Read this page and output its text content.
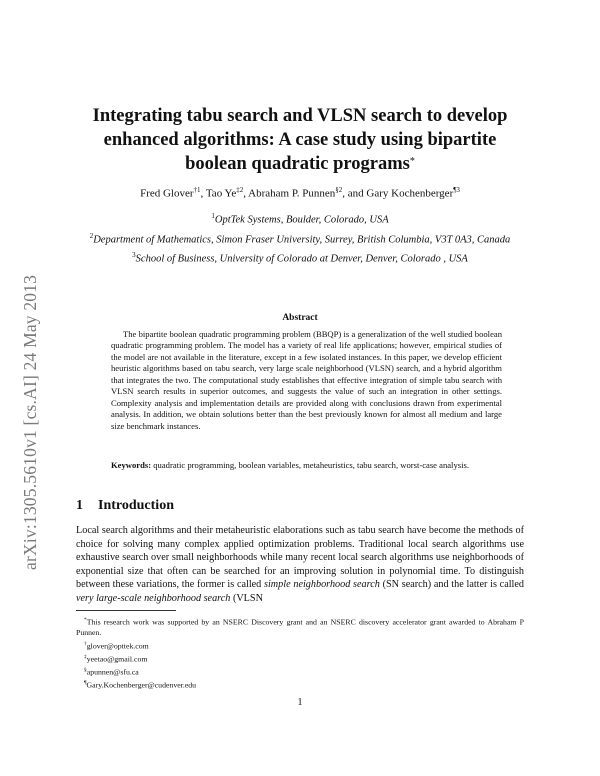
arXiv:1305.5610v1 [cs.AI] 24 May 2013
Integrating tabu search and VLSN search to develop
enhanced algorithms: A case study using bipartite
boolean quadratic programs*
Fred Glover$^{\dagger 1}$, Tao Ye$^{\ddagger 2}$, Abraham P. Punnen$^{\S 2}$, and Gary Kochenberger$^{\P 3}$
$^1$OptTek Systems, Boulder, Colorado, USA
$^2$Department of Mathematics, Simon Fraser University, Surrey, British Columbia, V3T 0A3, Canada
$^3$School of Business, University of Colorado at Denver, Denver, Colorado , USA
Abstract

The bipartite boolean quadratic programming problem (BBQP) is a generalization of the well studied boolean quadratic programming problem. The model has a variety of real life applications; however, empirical studies of the model are not available in the literature, except in a few isolated instances. In this paper, we develop efficient heuristic algorithms based on tabu search, very large scale neighborhood (VLSN) search, and a hybrid algorithm that integrates the two. The computational study establishes that effective integration of simple tabu search with VLSN search results in superior outcomes, and suggests the value of such an integration in other settings. Complexity analysis and implementation details are provided along with conclusions drawn from experimental analysis. In addition, we obtain solutions better than the best previously known for almost all medium and large size benchmark instances.

Keywords: quadratic programming, boolean variables, metaheuristics, tabu search, worst-case analysis.

1 Introduction

Local search algorithms and their metaheuristic elaborations such as tabu search have become the methods of choice for solving many complex applied optimization problems. Traditional local search algorithms use exhaustive search over small neighborhoods while many recent local search algorithms use neighborhoods of exponential size that often can be searched for an improving solution in polynomial time. To distinguish between these variations, the former is called simple neighborhood search (SN search) and the latter is called very large-scale neighborhood search (VLSN

*This research work was supported by an NSERC Discovery grant and an NSERC discovery accelerator grant awarded to Abraham P Punnen.

†glover@opttek.com

‡yeetao@gmail.com

§apunnen@sfu.ca

¶Gary.Kochenberger@cudenver.edu

1
